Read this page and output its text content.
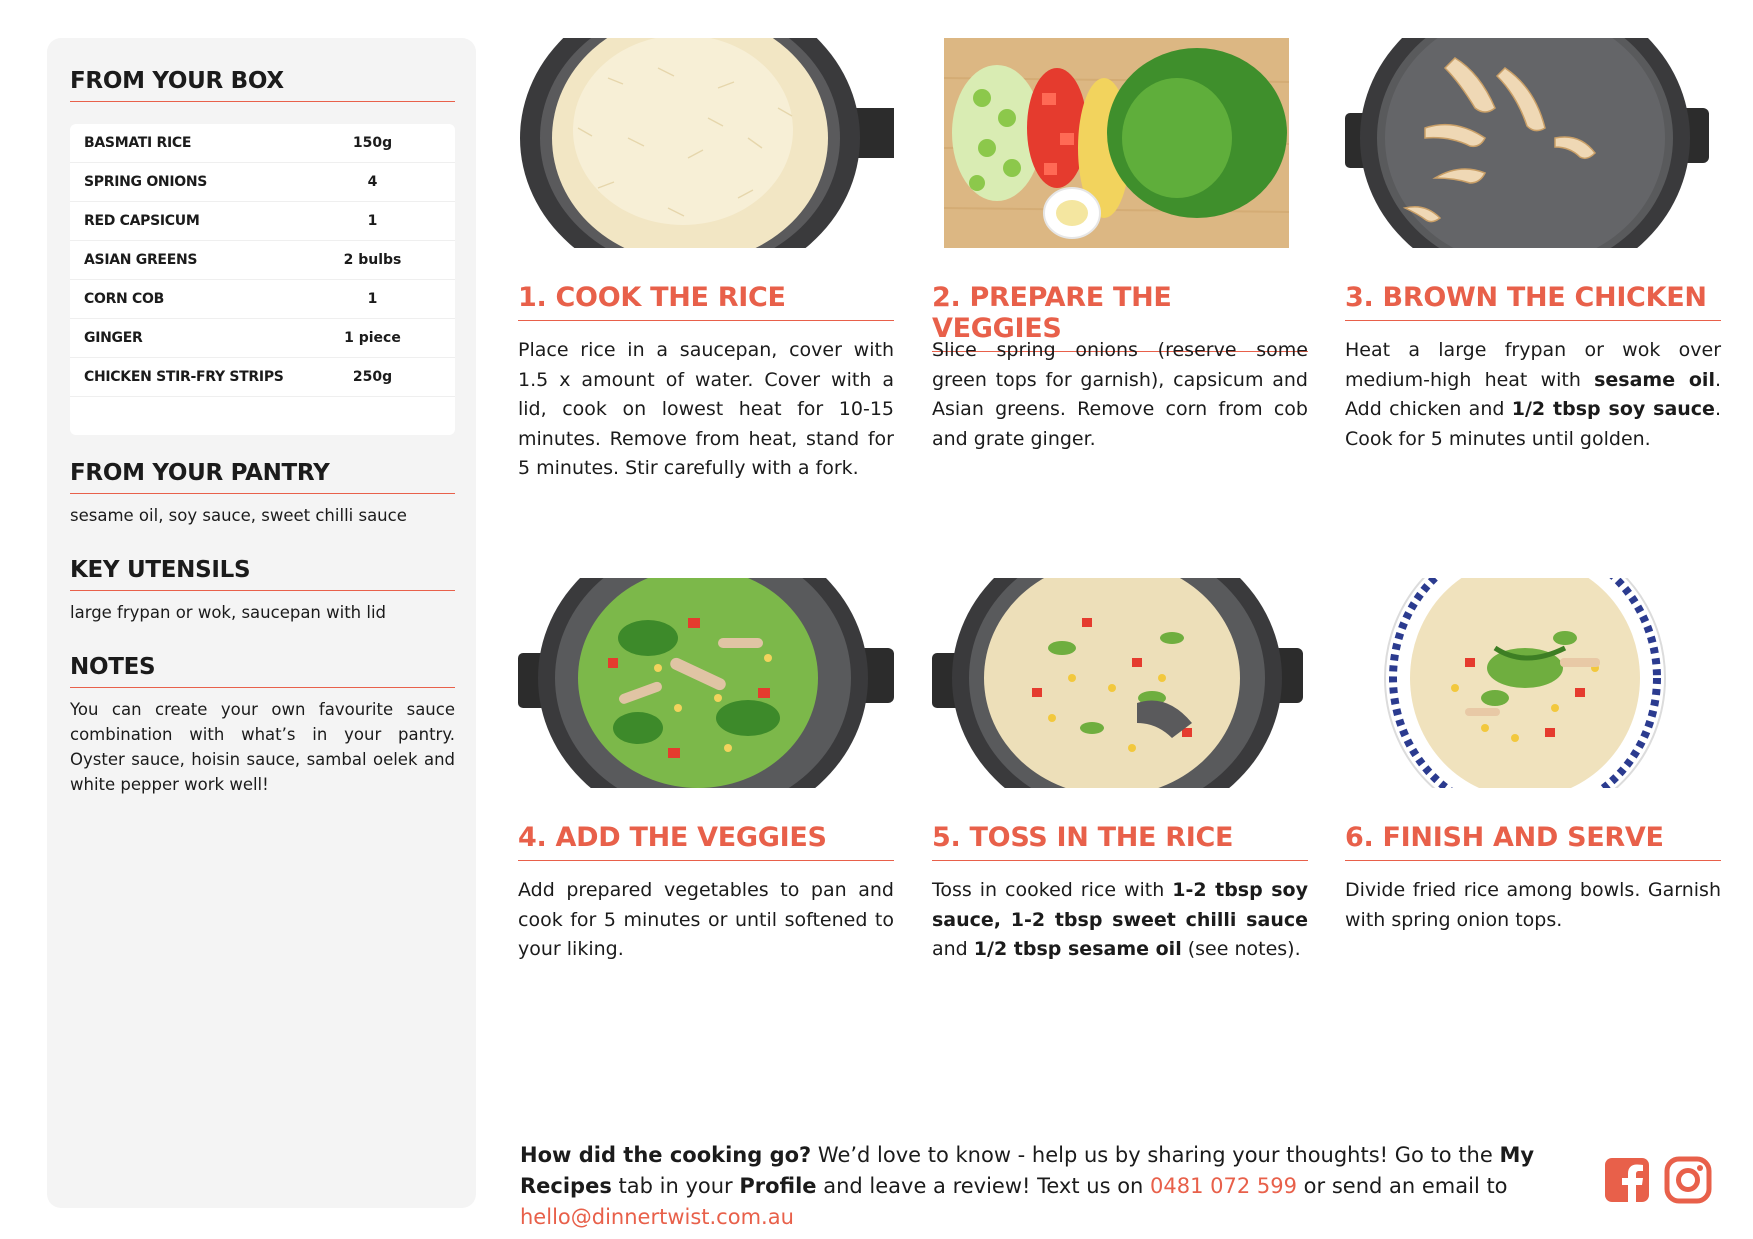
FROM YOUR BOX
BASMATI RICE	150g
SPRING ONIONS	4
RED CAPSICUM	1
ASIAN GREENS	2 bulbs
CORN COB	1
GINGER	1 piece
CHICKEN STIR-FRY STRIPS	250g
FROM YOUR PANTRY
sesame oil, soy sauce, sweet chilli sauce
KEY UTENSILS
large frypan or wok, saucepan with lid
NOTES
You can create your own favourite sauce combination with what’s in your pantry. Oyster sauce, hoisin sauce, sambal oelek and white pepper work well!
1. COOK THE RICE
Place rice in a saucepan, cover with 1.5 x amount of water. Cover with a lid, cook on lowest heat for 10-15 minutes. Remove from heat, stand for 5 minutes. Stir carefully with a fork.
2. PREPARE THE VEGGIES
Slice spring onions (reserve some green tops for garnish), capsicum and Asian greens. Remove corn from cob and grate ginger.
3. BROWN THE CHICKEN
Heat a large frypan or wok over medium-high heat with sesame oil. Add chicken and 1/2 tbsp soy sauce. Cook for 5 minutes until golden.
4. ADD THE VEGGIES
Add prepared vegetables to pan and cook for 5 minutes or until softened to your liking.
5. TOSS IN THE RICE
Toss in cooked rice with 1-2 tbsp soy sauce, 1-2 tbsp sweet chilli sauce and 1/2 tbsp sesame oil (see notes).
6. FINISH AND SERVE
Divide fried rice among bowls. Garnish with spring onion tops.
How did the cooking go? We’d love to know - help us by sharing your thoughts! Go to the My Recipes tab in your Profile and leave a review! Text us on 0481 072 599 or send an email to hello@dinnertwist.com.au
